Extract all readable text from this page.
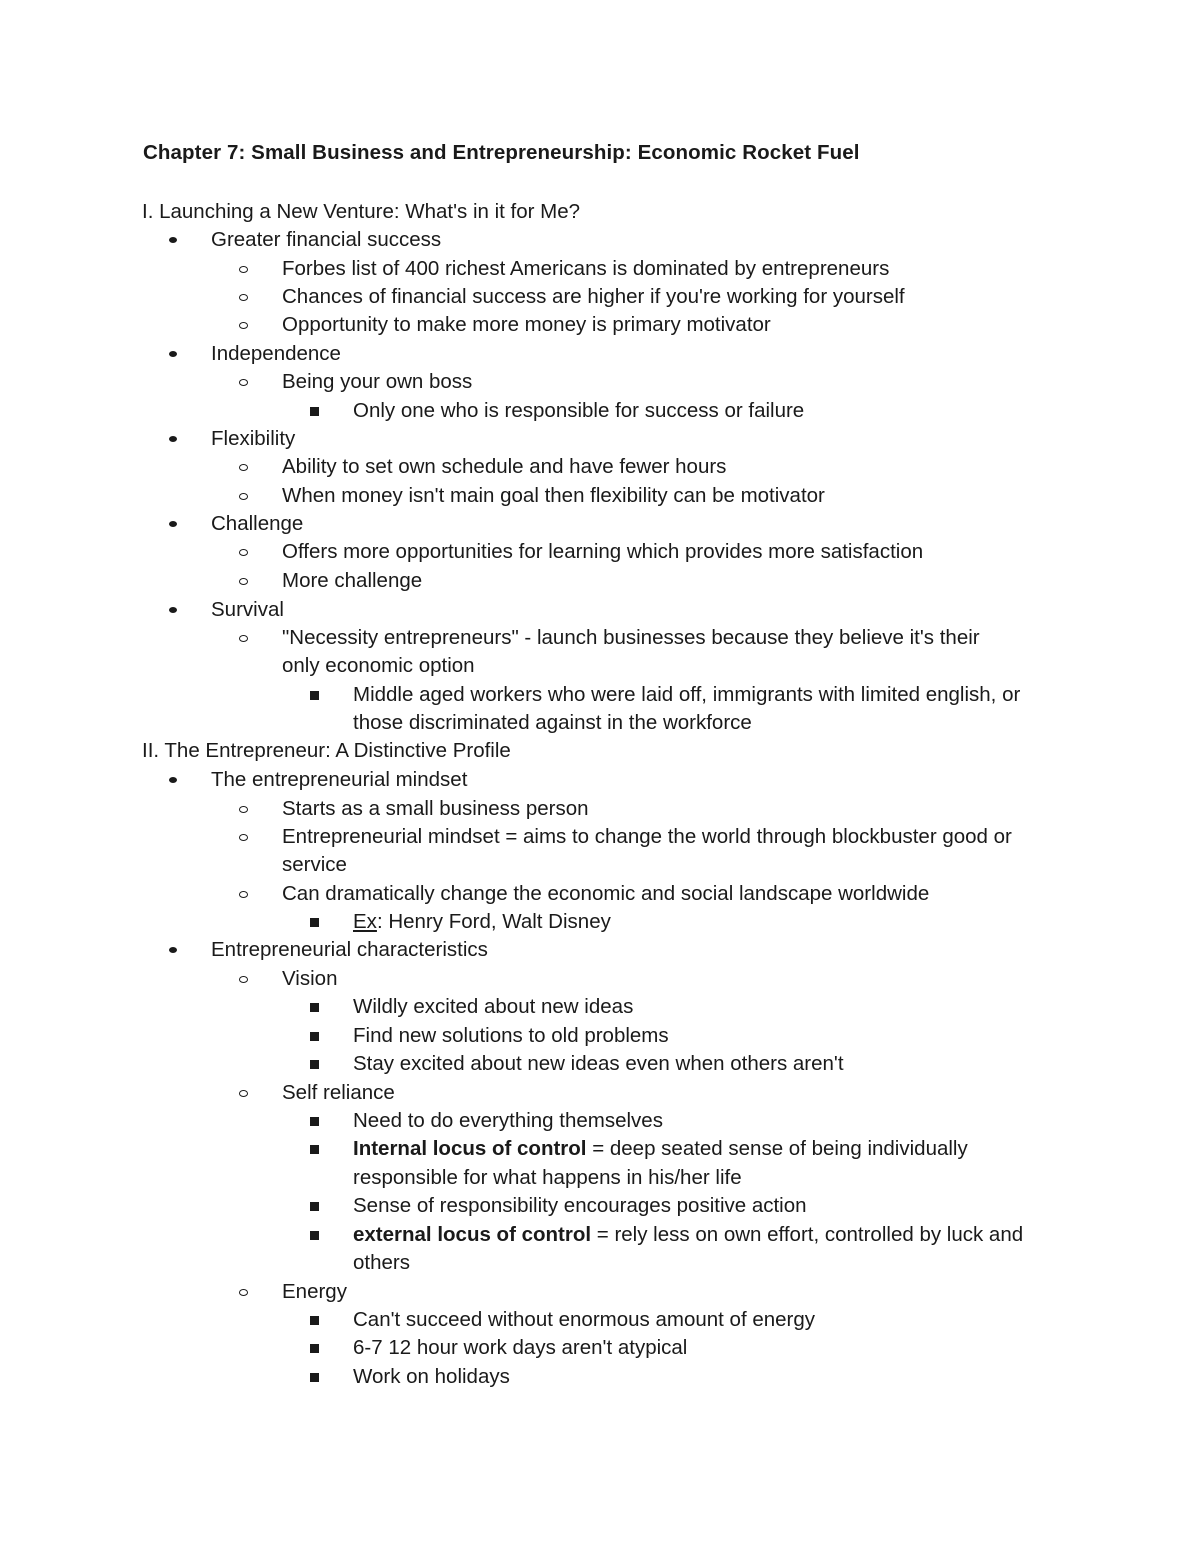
Chapter 7: Small Business and Entrepreneurship: Economic Rocket Fuel
I. Launching a New Venture: What's in it for Me?
Greater financial success
Forbes list of 400 richest Americans is dominated by entrepreneurs
Chances of financial success are higher if you're working for yourself
Opportunity to make more money is primary motivator
Independence
Being your own boss
Only one who is responsible for success or failure
Flexibility
Ability to set own schedule and have fewer hours
When money isn't main goal then flexibility can be motivator
Challenge
Offers more opportunities for learning which provides more satisfaction
More challenge
Survival
"Necessity entrepreneurs" - launch businesses because they believe it's their
only economic option
Middle aged workers who were laid off, immigrants with limited english, or
those discriminated against in the workforce
II. The Entrepreneur: A Distinctive Profile
The entrepreneurial mindset
Starts as a small business person
Entrepreneurial mindset = aims to change the world through blockbuster good or
service
Can dramatically change the economic and social landscape worldwide
Ex: Henry Ford, Walt Disney
Entrepreneurial characteristics
Vision
Wildly excited about new ideas
Find new solutions to old problems
Stay excited about new ideas even when others aren't
Self reliance
Need to do everything themselves
Internal locus of control = deep seated sense of being individually
responsible for what happens in his/her life
Sense of responsibility encourages positive action
external locus of control = rely less on own effort, controlled by luck and
others
Energy
Can't succeed without enormous amount of energy
6-7 12 hour work days aren't atypical
Work on holidays
